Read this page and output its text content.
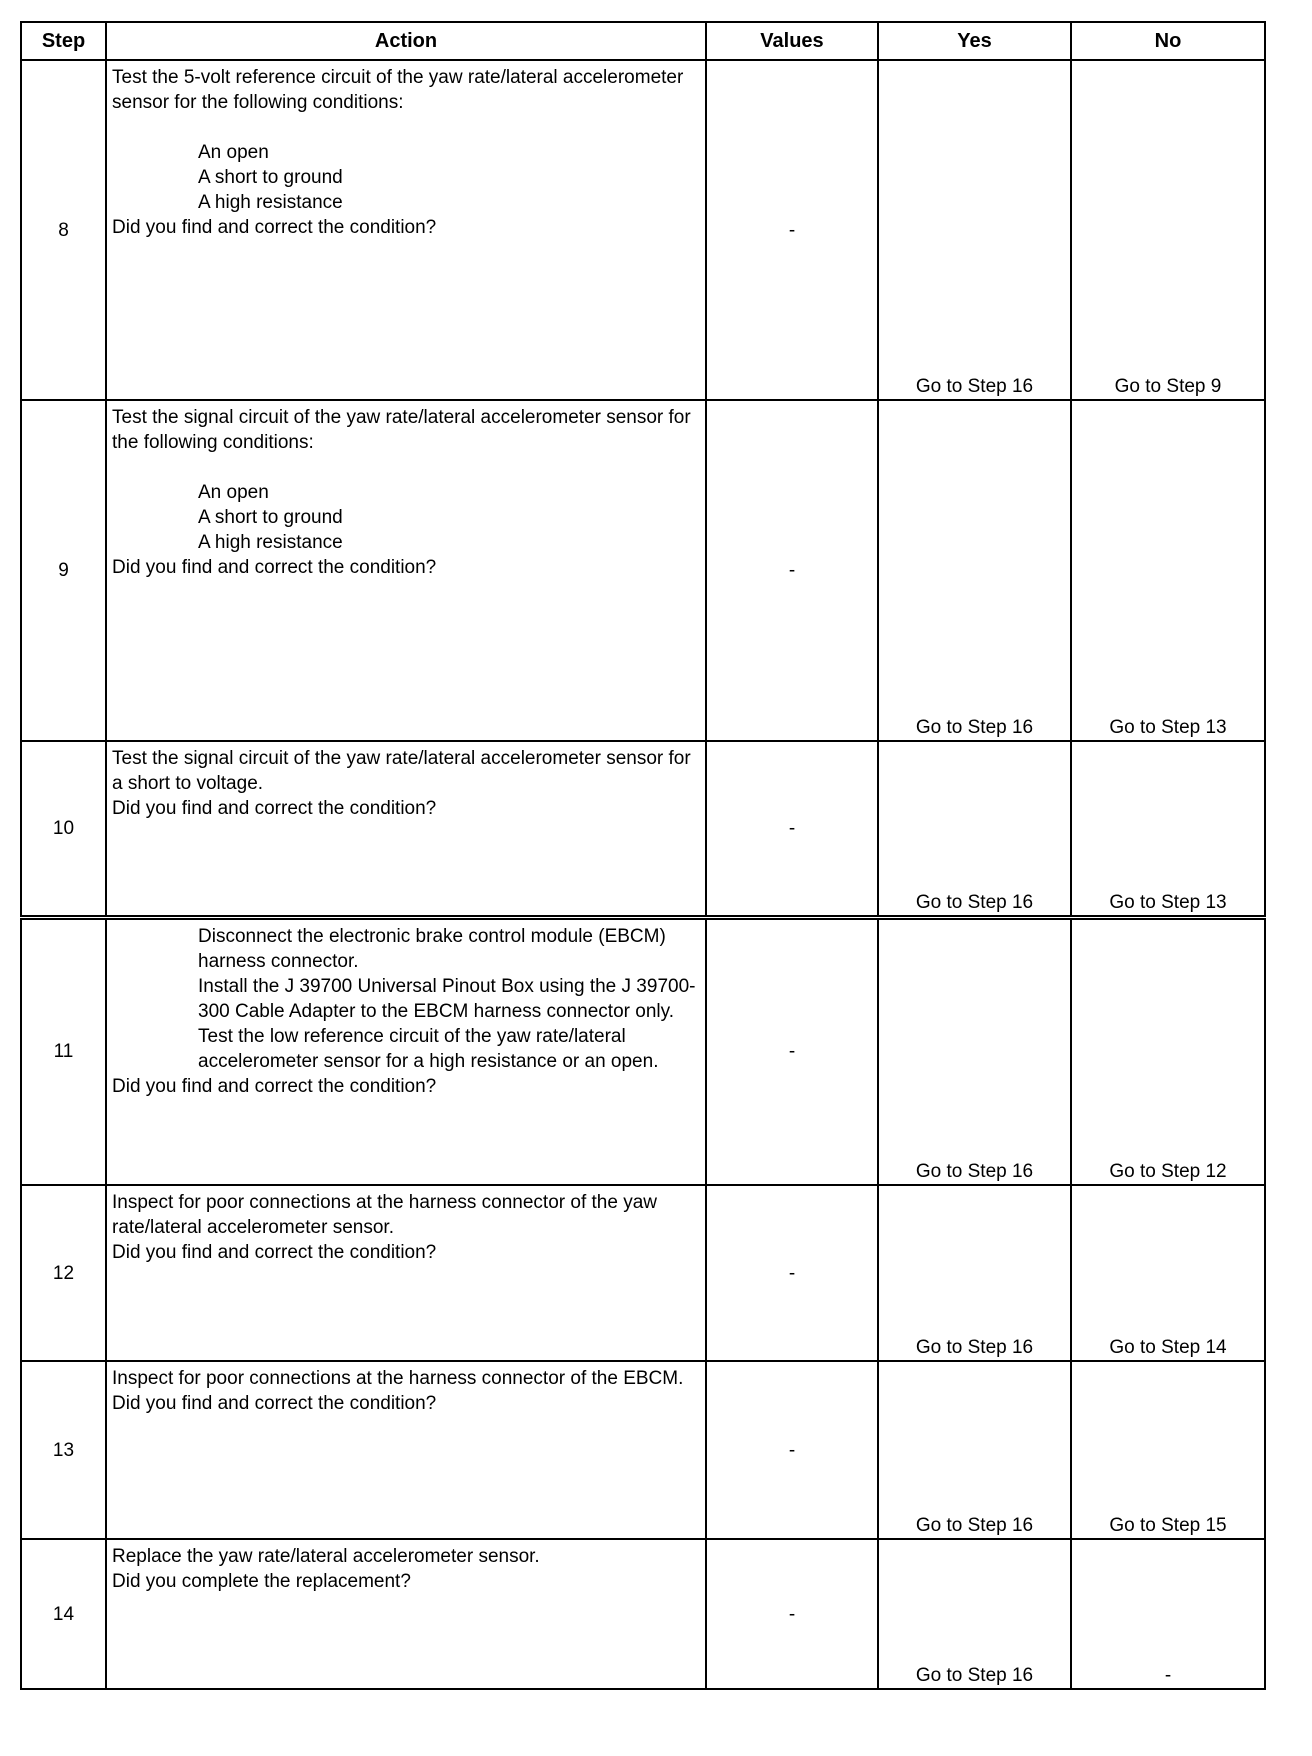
Step	Action	Values	Yes	No
8	Test the 5-volt reference circuit of the yaw rate/lateral accelerometer sensor for the following conditions:
An open
A short to ground
A high resistance
Did you find and correct the condition?	-	Go to Step 16	Go to Step 9
9	Test the signal circuit of the yaw rate/lateral accelerometer sensor for the following conditions:
An open
A short to ground
A high resistance
Did you find and correct the condition?	-	Go to Step 16	Go to Step 13
10	Test the signal circuit of the yaw rate/lateral accelerometer sensor for a short to voltage.
Did you find and correct the condition?	-	Go to Step 16	Go to Step 13
11	Disconnect the electronic brake control module (EBCM) harness connector.
Install the J 39700 Universal Pinout Box using the J 39700-300 Cable Adapter to the EBCM harness connector only.
Test the low reference circuit of the yaw rate/lateral accelerometer sensor for a high resistance or an open.
Did you find and correct the condition?	-	Go to Step 16	Go to Step 12
12	Inspect for poor connections at the harness connector of the yaw rate/lateral accelerometer sensor.
Did you find and correct the condition?	-	Go to Step 16	Go to Step 14
13	Inspect for poor connections at the harness connector of the EBCM.
Did you find and correct the condition?	-	Go to Step 16	Go to Step 15
14	Replace the yaw rate/lateral accelerometer sensor.
Did you complete the replacement?	-	Go to Step 16	-
